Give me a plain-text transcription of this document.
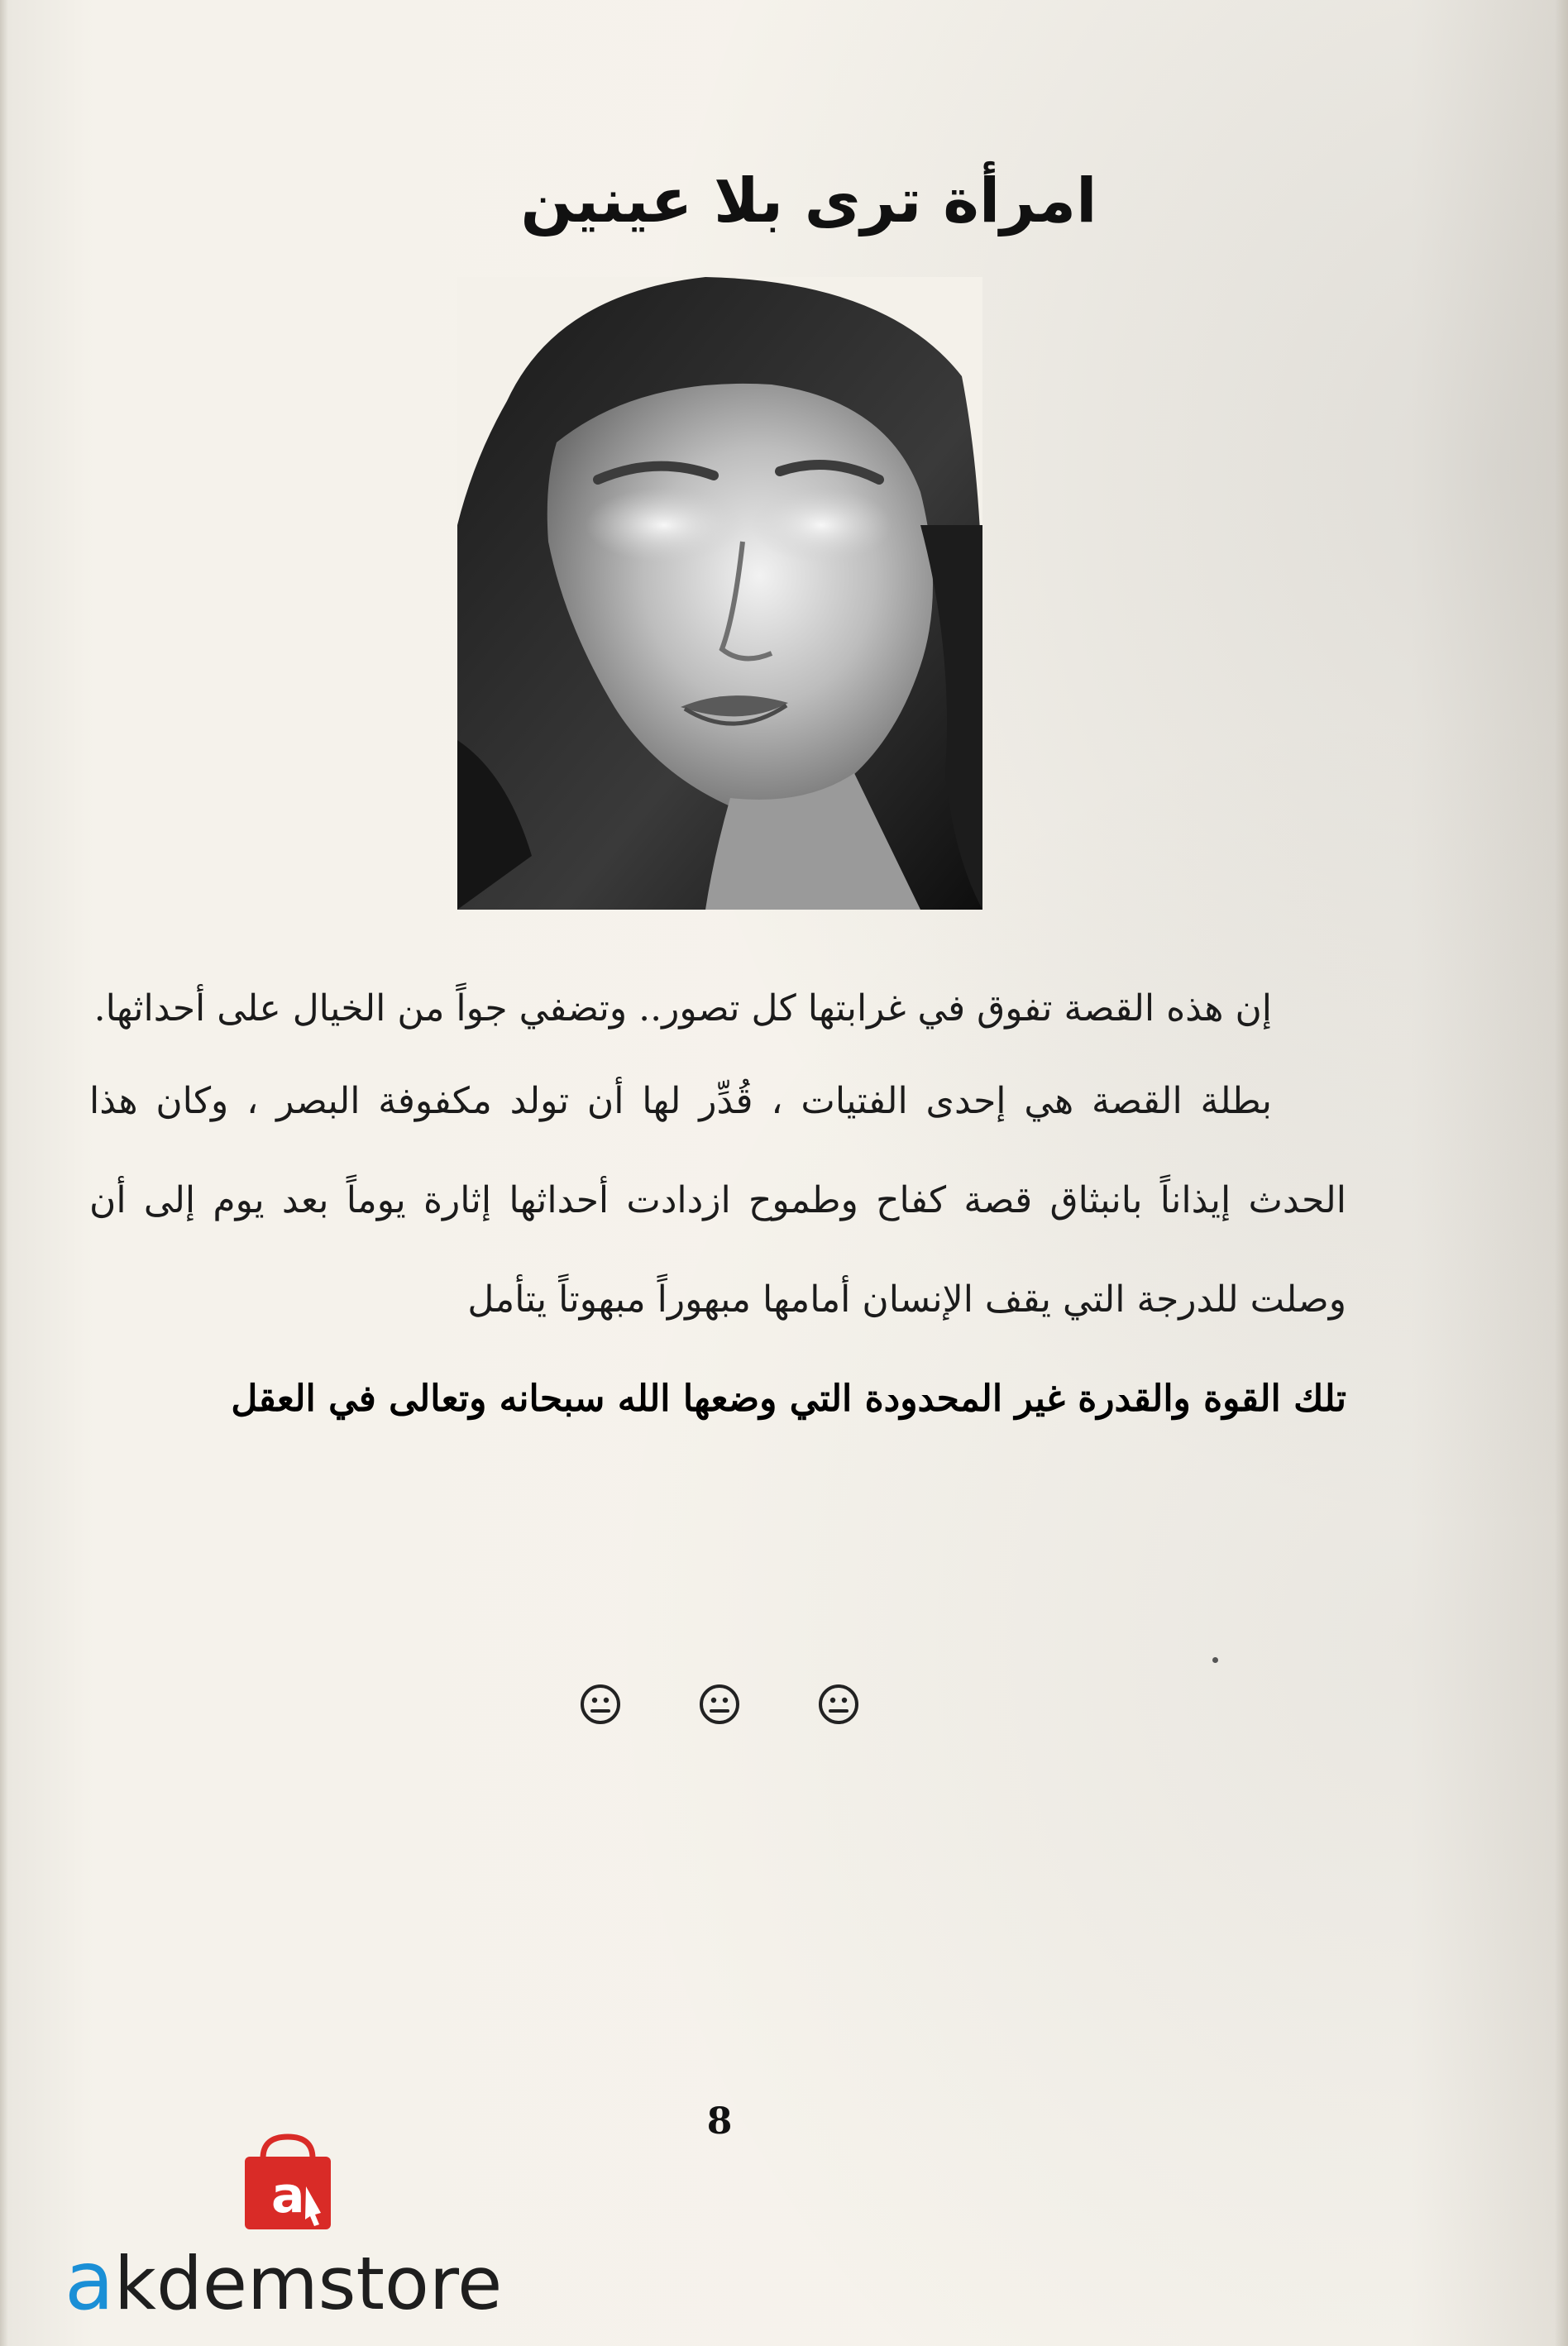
امرأة ترى بلا عينين

إن هذه القصة تفوق في غرابتها كل تصور.. وتضفي جواً من الخيال على أحداثها.

بطلة القصة هي إحدى الفتيات ، قُدِّر لها أن تولد مكفوفة البصر ، وكان هذا الحدث إيذاناً بانبثاق قصة كفاح وطموح ازدادت أحداثها إثارة يوماً بعد يوم إلى أن وصلت للدرجة التي يقف الإنسان أمامها مبهوراً مبهوتاً يتأمل

تلك القوة والقدرة غير المحدودة التي وضعها الله سبحانه وتعالى في العقل

8
a
a kdemstore
